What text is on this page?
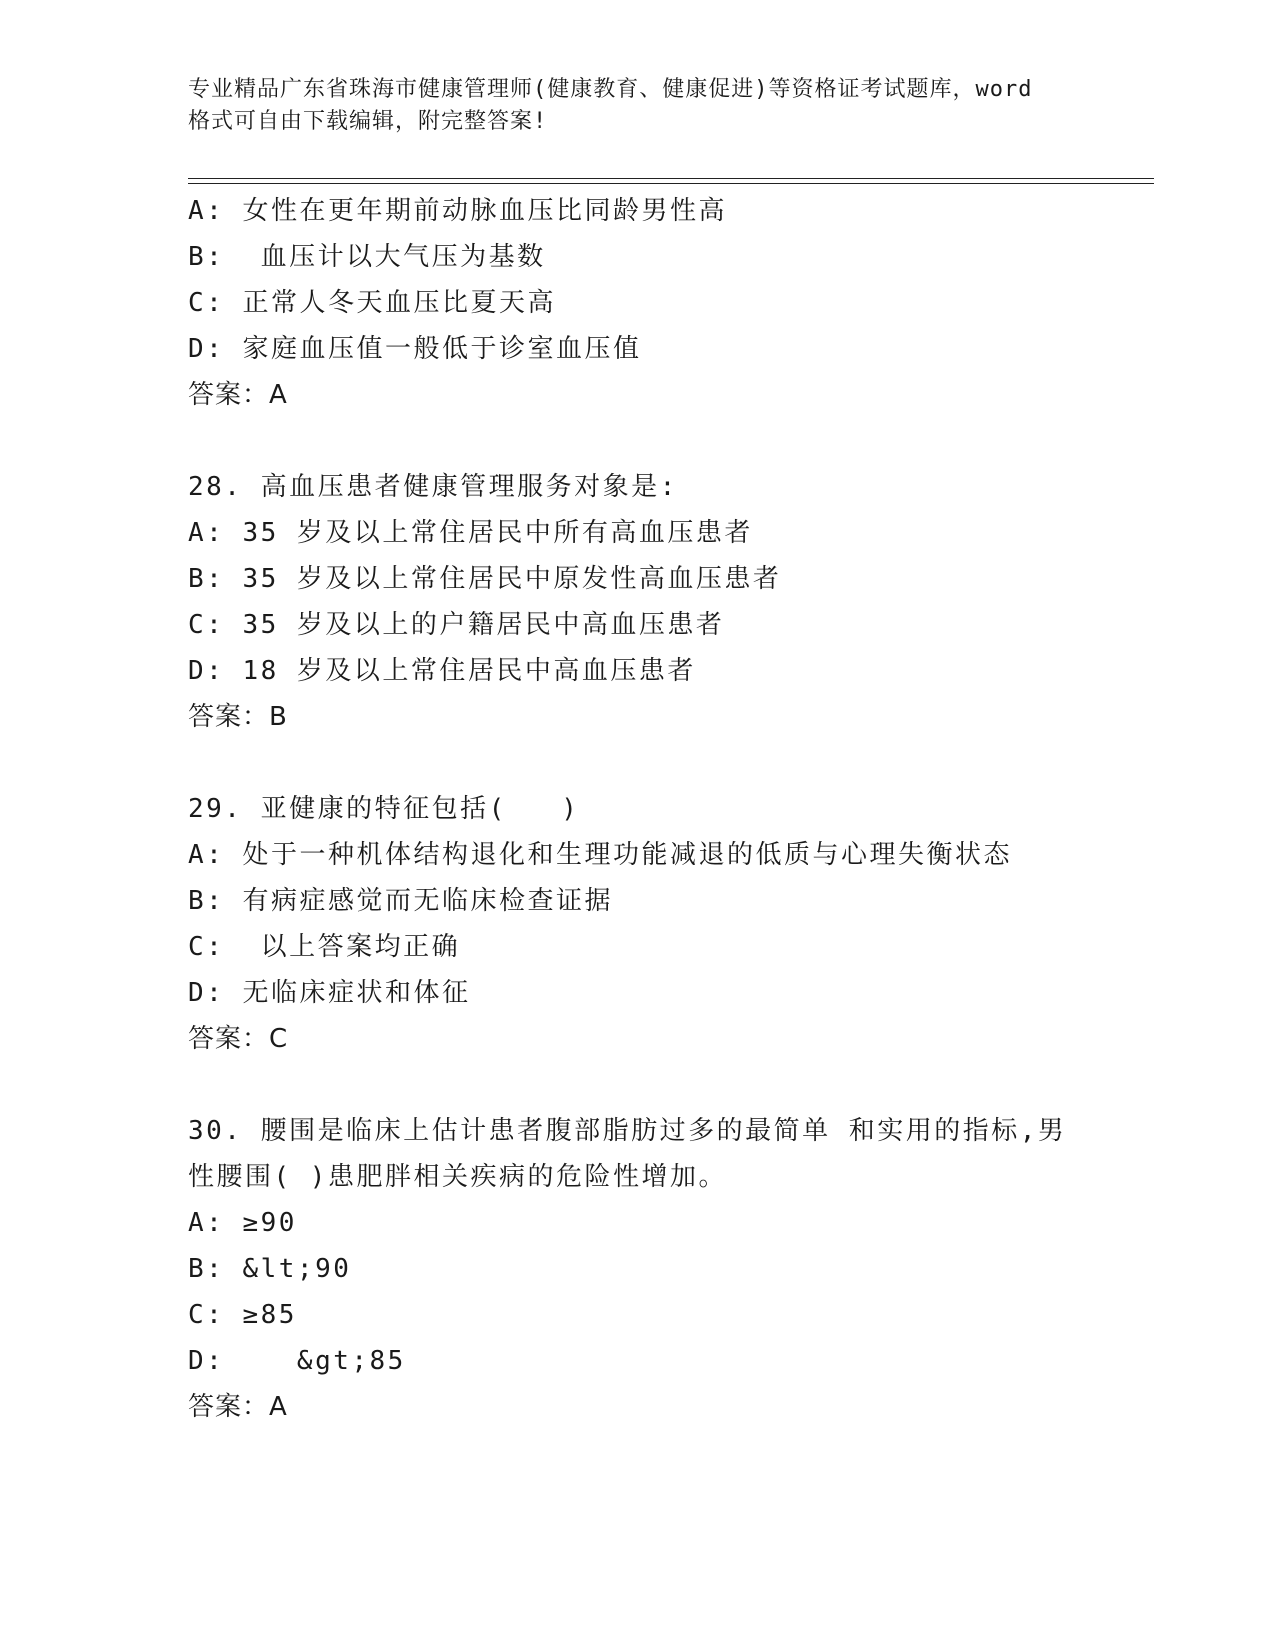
专业精品广东省珠海市健康管理师(健康教育、健康促进)等资格证考试题库，word
格式可自由下载编辑，附完整答案!
A: 女性在更年期前动脉血压比同龄男性高
B:  血压计以大气压为基数
C: 正常人冬天血压比夏天高
D: 家庭血压值一般低于诊室血压值
答案：A
28. 高血压患者健康管理服务对象是:
A: 35 岁及以上常住居民中所有高血压患者
B: 35 岁及以上常住居民中原发性高血压患者
C: 35 岁及以上的户籍居民中高血压患者
D: 18 岁及以上常住居民中高血压患者
答案：B
29. 亚健康的特征包括(   )
A: 处于一种机体结构退化和生理功能减退的低质与心理失衡状态
B: 有病症感觉而无临床检查证据
C:  以上答案均正确
D: 无临床症状和体征
答案：C
30. 腰围是临床上估计患者腹部脂肪过多的最简单 和实用的指标,男
性腰围( )患肥胖相关疾病的危险性增加。
A: ≥90
B: &lt;90
C: ≥85
D:    &gt;85
答案：A
